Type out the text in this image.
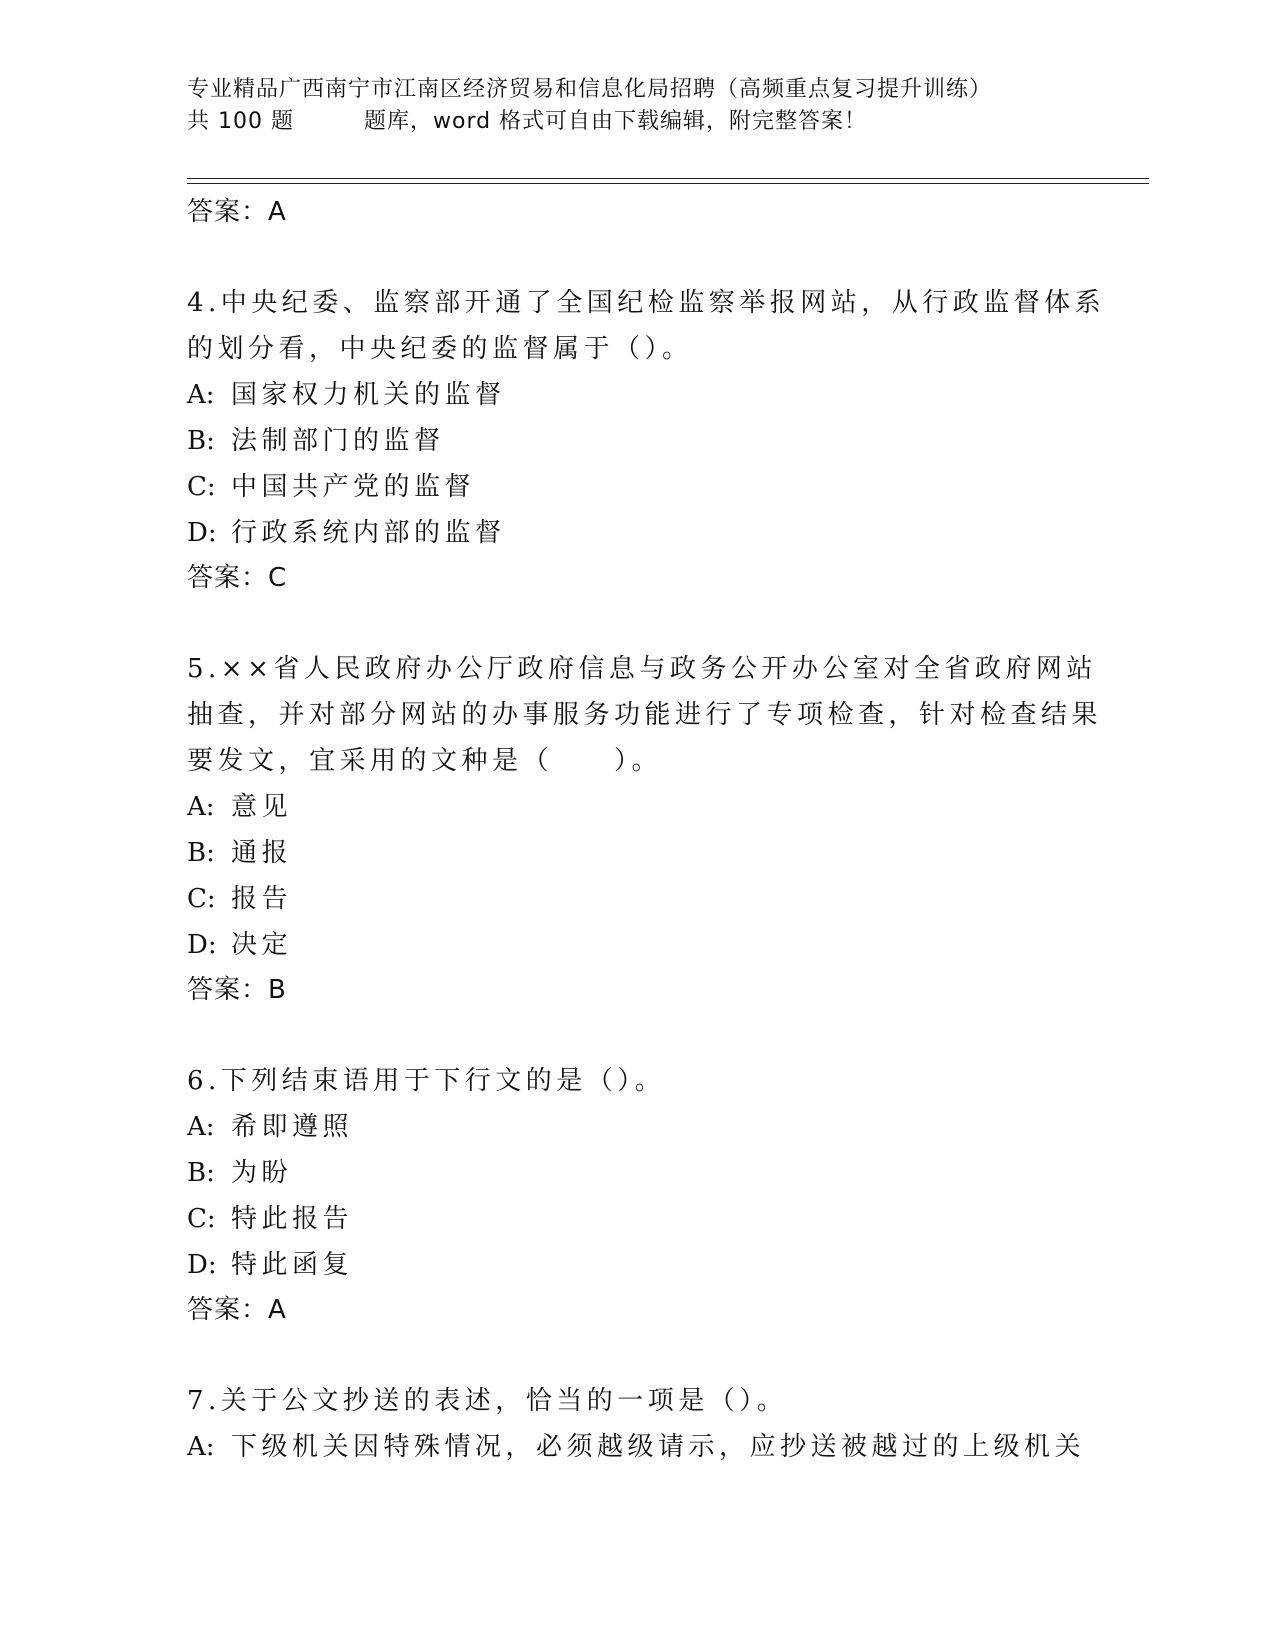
专业精品广西南宁市江南区经济贸易和信息化局招聘（高频重点复习提升训练）
共 100 题	题库，word 格式可自由下载编辑，附完整答案！
答案：A
4.中央纪委、监察部开通了全国纪检监察举报网站，从行政监督体系
的划分看，中央纪委的监督属于（）。
A: 国家权力机关的监督
B: 法制部门的监督
C: 中国共产党的监督
D: 行政系统内部的监督
答案：C
5.××省人民政府办公厅政府信息与政务公开办公室对全省政府网站
抽查，并对部分网站的办事服务功能进行了专项检查，针对检查结果
要发文，宜采用的文种是（　　）。
A: 意见
B: 通报
C: 报告
D: 决定
答案：B
6.下列结束语用于下行文的是（）。
A: 希即遵照
B: 为盼
C: 特此报告
D: 特此函复
答案：A
7.关于公文抄送的表述，恰当的一项是（）。
A: 下级机关因特殊情况，必须越级请示，应抄送被越过的上级机关
